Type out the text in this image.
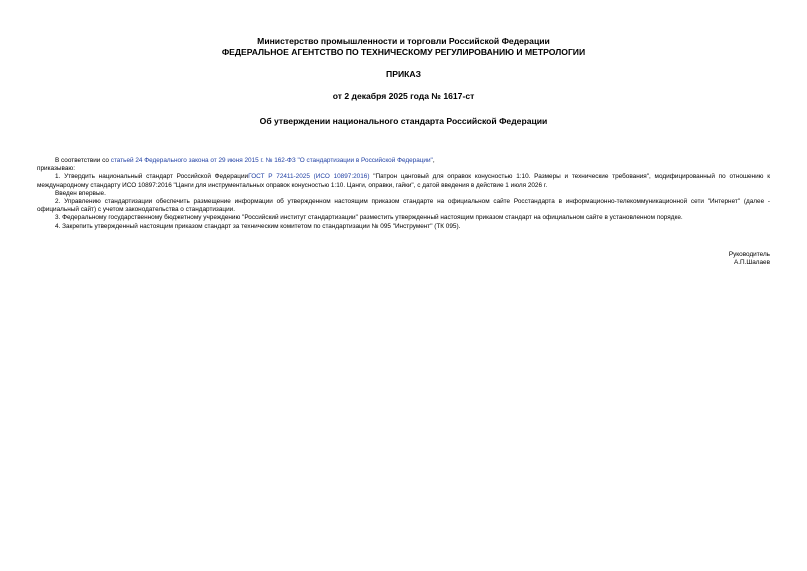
Министерство промышленности и торговли Российской Федерации
ФЕДЕРАЛЬНОЕ АГЕНТСТВО ПО ТЕХНИЧЕСКОМУ РЕГУЛИРОВАНИЮ И МЕТРОЛОГИИ
ПРИКАЗ
от 2 декабря 2025 года № 1617-ст
Об утверждении национального стандарта Российской Федерации

В соответствии со статьей 24 Федерального закона от 29 июня 2015 г. № 162-ФЗ "О стандартизации в Российской Федерации",

приказываю:

1. Утвердить национальный стандарт Российской ФедерацииГОСТ Р 72411-2025 (ИСО 10897:2016) "Патрон цанговый для оправок конусностью 1:10. Размеры и технические требования", модифицированный по отношению к международному стандарту ИСО 10897:2016 "Цанги для инструментальных оправок конусностью 1:10. Цанги, оправки, гайки", с датой введения в действие 1 июля 2026 г.

Введен впервые.

2. Управлению стандартизации обеспечить размещение информации об утвержденном настоящим приказом стандарте на официальном сайте Росстандарта в информационно-телекоммуникационной сети "Интернет" (далее - официальный сайт) с учетом законодательства о стандартизации.

3. Федеральному государственному бюджетному учреждению "Российский институт стандартизации" разместить утвержденный настоящим приказом стандарт на официальном сайте в установленном порядке.

4. Закрепить утвержденный настоящим приказом стандарт за техническим комитетом по стандартизации № 095 "Инструмент" (ТК 095).

Руководитель
А.П.Шалаев
